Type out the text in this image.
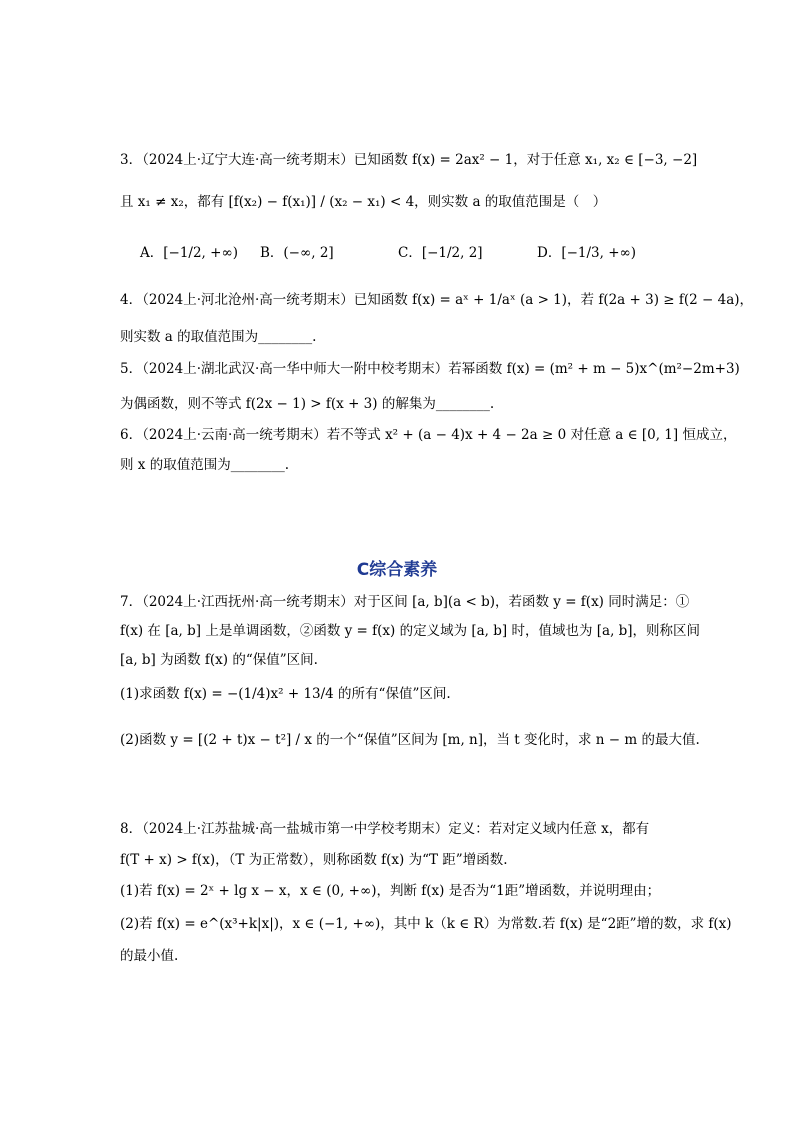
3．（2024上·辽宁大连·高一统考期末）已知函数 f(x) = 2ax² − 1，对于任意 x₁, x₂ ∈ [−3, −2]
且 x₁ ≠ x₂，都有 [f(x₂) − f(x₁)] / (x₂ − x₁) < 4，则实数 a 的取值范围是（　）
A．[−1/2, +∞) B．(−∞, 2]	C．[−1/2, 2]	D．[−1/3, +∞)
4．（2024上·河北沧州·高一统考期末）已知函数 f(x) = aˣ + 1/aˣ (a > 1)，若 f(2a + 3) ≥ f(2 − 4a)，
则实数 a 的取值范围为________.
5．（2024上·湖北武汉·高一华中师大一附中校考期末）若幂函数 f(x) = (m² + m − 5)x^(m²−2m+3)
为偶函数，则不等式 f(2x − 1) > f(x + 3) 的解集为________.
6．（2024上·云南·高一统考期末）若不等式 x² + (a − 4)x + 4 − 2a ≥ 0 对任意 a ∈ [0, 1] 恒成立，
则 x 的取值范围为________.
C综合素养
7．（2024上·江西抚州·高一统考期末）对于区间 [a, b](a < b)，若函数 y = f(x) 同时满足：①
f(x) 在 [a, b] 上是单调函数，②函数 y = f(x) 的定义域为 [a, b] 时，值域也为 [a, b]，则称区间
[a, b] 为函数 f(x) 的“保值”区间.
(1)求函数 f(x) = −(1/4)x² + 13/4 的所有“保值”区间.
(2)函数 y = [(2 + t)x − t²] / x 的一个“保值”区间为 [m, n]，当 t 变化时，求 n − m 的最大值.
8．（2024上·江苏盐城·高一盐城市第一中学校考期末）定义：若对定义域内任意 x，都有
f(T + x) > f(x)，（T 为正常数），则称函数 f(x) 为“T 距”增函数.
(1)若 f(x) = 2ˣ + lg x − x，x ∈ (0, +∞)，判断 f(x) 是否为“1距”增函数，并说明理由；
(2)若 f(x) = e^(x³+k|x|)，x ∈ (−1, +∞)，其中 k（k ∈ R）为常数.若 f(x) 是“2距”增的数，求 f(x)
的最小值.
